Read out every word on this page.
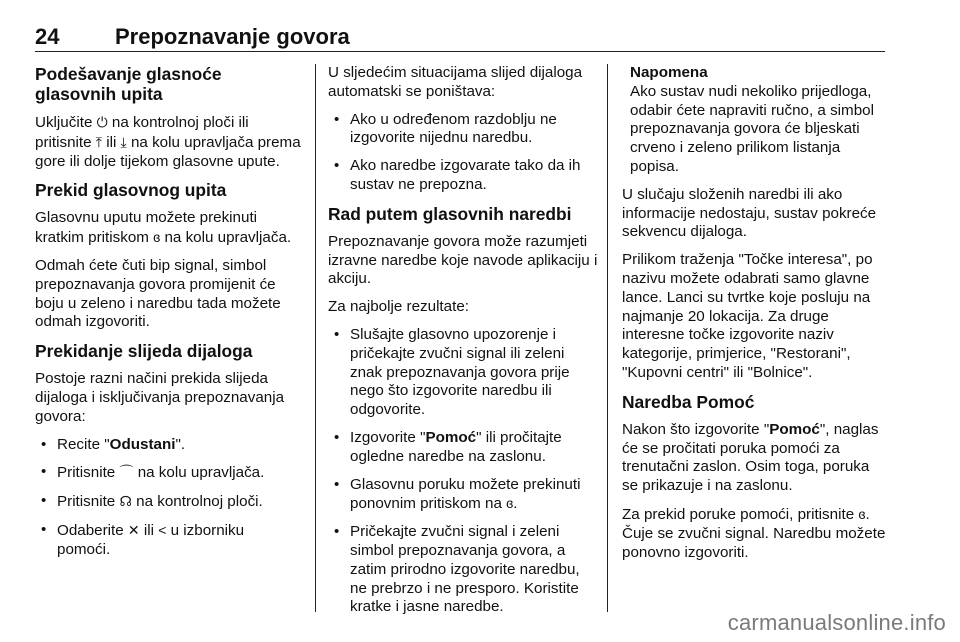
24	Prepoznavanje govora
Podešavanje glasnoće glasovnih upita

Uključite ⏻ na kontrolnoj ploči ili pritisnite ⤒ ili ⤓ na kolu upravljača prema gore ili dolje tijekom glasovne upute.

Prekid glasovnog upita

Glasovnu uputu možete prekinuti kratkim pritiskom ɞ na kolu upravljača.

Odmah ćete čuti bip signal, simbol prepoznavanja govora promijenit će boju u zeleno i naredbu tada možete odmah izgovoriti.

Prekidanje slijeda dijaloga

Postoje razni načini prekida slijeda dijaloga i isključivanja prepoznavanja govora:

• Recite "Odustani".
• Pritisnite ⌒ na kolu upravljača.
• Pritisnite ☊ na kontrolnoj ploči.
• Odaberite ✕ ili < u izborniku pomoći.

U sljedećim situacijama slijed dijaloga automatski se poništava:

• Ako u određenom razdoblju ne izgovorite nijednu naredbu.
• Ako naredbe izgovarate tako da ih sustav ne prepozna.
Rad putem glasovnih naredbi

Prepoznavanje govora može razumjeti izravne naredbe koje navode aplikaciju i akciju.

Za najbolje rezultate:

• Slušajte glasovno upozorenje i pričekajte zvučni signal ili zeleni znak prepoznavanja govora prije nego što izgovorite naredbu ili odgovorite.
• Izgovorite "Pomoć" ili pročitajte ogledne naredbe na zaslonu.
• Glasovnu poruku možete prekinuti ponovnim pritiskom na ɞ.
• Pričekajte zvučni signal i zeleni simbol prepoznavanja govora, a zatim prirodno izgovorite naredbu, ne prebrzo i ne presporo. Koristite kratke i jasne naredbe.
Napomena
Ako sustav nudi nekoliko prijedloga, odabir ćete napraviti ručno, a simbol prepoznavanja govora će bljeskati crveno i zeleno prilikom listanja popisa.

U slučaju složenih naredbi ili ako informacije nedostaju, sustav pokreće sekvencu dijaloga.

Prilikom traženja "Točke interesa", po nazivu možete odabrati samo glavne lance. Lanci su tvrtke koje posluju na najmanje 20 lokacija. Za druge interesne točke izgovorite naziv kategorije, primjerice, "Restorani", "Kupovni centri" ili "Bolnice".

Naredba Pomoć

Nakon što izgovorite "Pomoć", naglas će se pročitati poruka pomoći za trenutačni zaslon. Osim toga, poruka se prikazuje i na zaslonu.

Za prekid poruke pomoći, pritisnite ɞ. Čuje se zvučni signal. Naredbu možete ponovno izgovoriti.

carmanualsonline.info
